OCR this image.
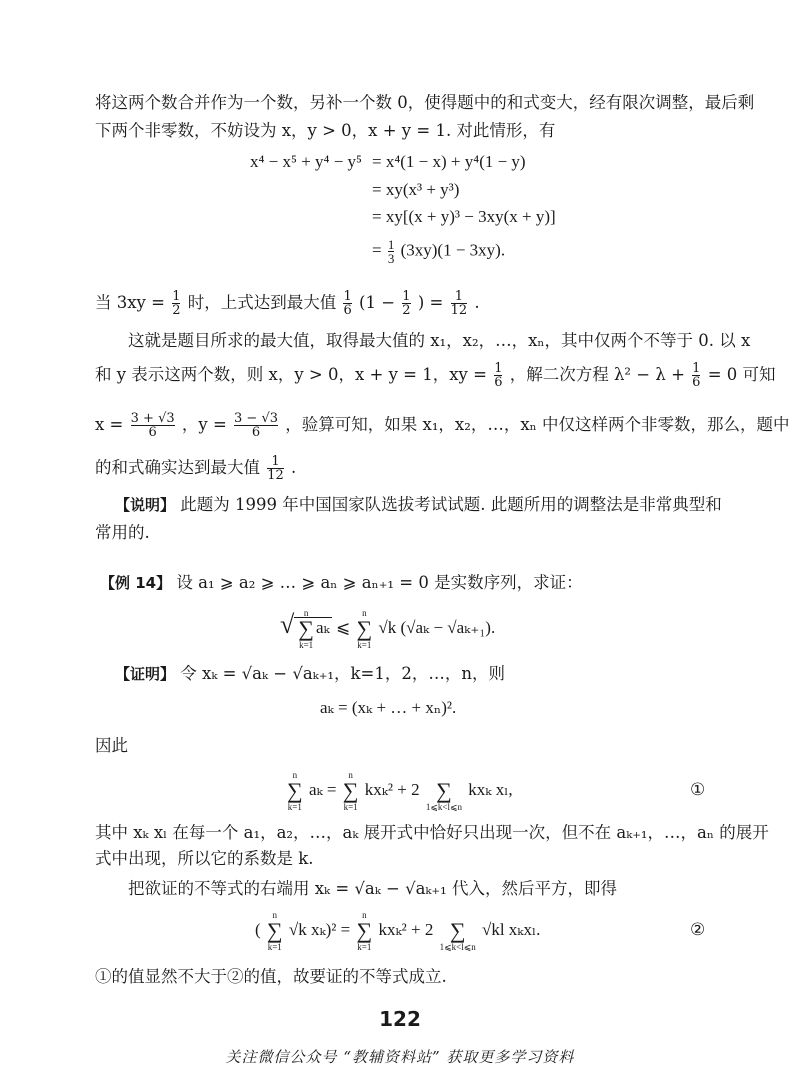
将这两个数合并作为一个数，另补一个数 0，使得题中的和式变大，经有限次调整，最后剩
下两个非零数，不妨设为 x，y > 0，x + y = 1. 对此情形，有
x⁴ − x⁵ + y⁴ − y⁵ = x⁴(1 − x) + y⁴(1 − y)
= xy(x³ + y³)
= xy[(x + y)³ − 3xy(x + y)]
= $\frac{1}{3} (3xy)(1 - 3xy)$.
当 $3xy = \frac{1}{2}$ 时，上式达到最大值 $\frac{1}{6} (1 - \frac{1}{2}$ ) = $\frac{1}{12}$ .
这就是题目所求的最大值，取得最大值的 x₁，x₂，…，xₙ，其中仅两个不等于 0. 以 x
和 y 表示这两个数，则 x，y > 0，x + y = 1，xy = $\frac{1}{6}$ ，解二次方程 $\lambda^2 - \lambda + \frac{1}{6} = 0$ 可知
$x = \frac{3 + √3}{6}$ ，$y = \frac{3 - √3}{6}$ ，验算可知，如果 x₁，x₂，…，xₙ 中仅这样两个非零数，那么，题中
的和式确实达到最大值 $\frac{1}{12}$ .
【说明】 此题为 1999 年中国国家队选拔考试试题. 此题所用的调整法是非常典型和
常用的.
【例 14】 设 a₁ ⩾ a₂ ⩾ … ⩾ aₙ ⩾ aₙ₊₁ = 0 是实数序列，求证：
√	n
∑
k=1
aₖ ⩽
n
∑
k=1
√k (√aₖ − √aₖ₊₁).
【证明】 令 xₖ = √aₖ − √aₖ₊₁，k=1，2，…，n，则
aₖ = (xₖ + … + xₙ)².
因此
n
∑
k=1
aₖ =
n
∑
k=1
kxₖ² + 2
∑
1⩽k<l⩽n
kxₖ xₗ,	①
其中 xₖ xₗ 在每一个 a₁，a₂，…，aₖ 展开式中恰好只出现一次，但不在 aₖ₊₁，…，aₙ 的展开
式中出现，所以它的系数是 k.
把欲证的不等式的右端用 xₖ = √aₖ − √aₖ₊₁ 代入，然后平方，即得
(
n
∑
k=1
√k xₖ)² =
n
∑
k=1
kxₖ² + 2
∑
1⩽k<l⩽n
√kl xₖxₗ.	②
①的值显然不大于②的值，故要证的不等式成立.
122
关注微信公众号 “教辅资料站” 获取更多学习资料
